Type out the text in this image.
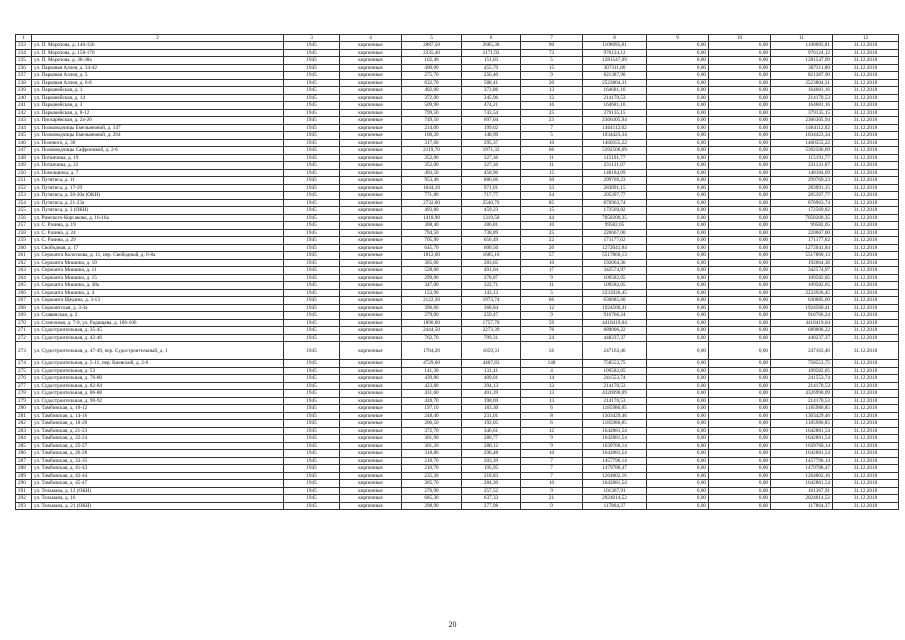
1	2	3	4	5	6	7	8	9	10	11	12
233	ул. П. Морозова, д. 146-156	1945	кирпичные	2887,50	2685,38	90	1108095,81	0,00	0,00	1108095,81	31.12.2018
234	ул. П. Морозова, д. 158-170	1945	кирпичные	2335,40	2171,92	73	976124,12	0,00	0,00	976124,12	31.12.2018
235	ул. П. Морозова, д. 38-38а	1945	кирпичные	162,40	151,03	5	1281547,09	0,00	0,00	1281547,09	31.12.2018
236	ул. Парковая Аллея, д. 34-42	1945	кирпичные	490,00	455,70	15	307311,80	0,00	0,00	307311,80	31.12.2018
237	ул. Парковая Аллея, д. 5	1945	кирпичные	275,70	256,40	9	821387,90	0,00	0,00	821387,90	31.12.2018
238	ул. Парковая Аллея, д. 6-8	1945	кирпичные	632,70	588,41	20	2523804,31	0,00	0,00	2523804,31	31.12.2018
239	ул. Парковейская, д. 1	1945	кирпичные	402,00	373,86	13	164681,16	0,00	0,00	164681,16	31.12.2018
240	ул. Парковейская, д. 14	1945	кирпичные	372,00	345,96	12	214170,53	0,00	0,00	214170,53	31.12.2018
241	ул. Парковейская, д. 3	1945	кирпичные	509,90	474,21	16	164681,16	0,00	0,00	164681,16	31.12.2018
242	ул. Парковейская, д. 8-12	1945	кирпичные	799,50	743,54	25	379135,15	0,00	0,00	379135,15	31.12.2018
243	ул. Пискарёвская, д. 24-26	1945	кирпичные	749,50	697,04	23	2366305,94	0,00	0,00	2366305,94	31.12.2018
244	ул. Полководчицы Емельяновой, д. 147	1945	кирпичные	214,00	199,02	7	1464112,02	0,00	0,00	1464112,02	31.12.2018
245	ул. Полководчицы Емельяновой, д. 204	1945	кирпичные	160,20	148,99	5	1034423,34	0,00	0,00	1034423,34	31.12.2018
246	ул. Полевого, д. 36	1945	кирпичные	317,60	295,37	10	1460355,22	0,00	0,00	1460355,22	31.12.2018
247	ул. Полководчицы Сафроновой, д. 2-6	1945	кирпичные	2119,70	1971,32	66	5392506,69	0,00	0,00	5392506,69	31.12.2018
248	ул. Потанчика, д. 19	1945	кирпичные	352,00	327,36	11	115191,77	0,00	0,00	115191,77	31.12.2018
249	ул. Потанчика, д. 22	1945	кирпичные	352,00	327,36	11	231131,07	0,00	0,00	231131,07	31.12.2018
250	ул. Помощника, д. 7	1945	кирпичные	493,50	458,96	15	148184,69	0,00	0,00	148184,69	31.12.2018
251	ул. Путягиса, д. 11	1945	кирпичные	953,40	886,66	30	299769,23	0,00	0,00	299769,23	31.12.2018
252	ул. Путягиса, д. 17-19	1945	кирпичные	1044,10	971,01	33	283091,15	0,00	0,00	283091,15	31.12.2018
253	ул. Путягиса, д. 20-20а (ОКН)	1945	кирпичные	771,80	717,77	24	205397,77	0,00	0,00	205397,77	31.12.2018
254	ул. Путягиса, д. 21-23а	1945	кирпичные	2732,00	2540,76	85	876963,74	0,00	0,00	876963,74	31.12.2018
255	ул. Путягиса, д. 3 (ОКН)	1945	кирпичные	493,80	459,23	15	172569,82	0,00	0,00	172569,82	31.12.2018
256	ул. Римского-Корсакова, д. 16-16а	1945	кирпичные	1418,90	1319,58	44	7058200,35	0,00	0,00	7058200,35	31.12.2018
257	ул. С. Разина, д. 19	1945	кирпичные	308,40	286,81	10	99582,05	0,00	0,00	99582,05	31.12.2018
258	ул. С. Разина, д. 24	1945	кирпичные	794,50	738,89	25	220667,00	0,00	0,00	220667,00	31.12.2018
259	ул. С. Разина, д. 29	1945	кирпичные	705,90	656,49	22	171177,62	0,00	0,00	171177,62	31.12.2018
260	ул. Свободная, д. 17	1945	кирпичные	645,70	600,50	20	1272041,84	0,00	0,00	1272041,84	31.12.2018
261	ул. Сержанта Колоскова, д. 11, пер. Свободный, д. 6-8а	1945	кирпичные	1812,00	1685,16	57	5517860,13	0,00	0,00	5517860,13	31.12.2018
262	ул. Сержанта Мишина, д. 10	1945	кирпичные	305,00	283,65	10	192064,36	0,00	0,00	192064,36	31.12.2018
263	ул. Сержанта Мишина, д. 11	1945	кирпичные	528,00	491,04	17	342574,97	0,00	0,00	342574,97	31.12.2018
264	ул. Сержанта Мишина, д. 15	1945	кирпичные	299,00	278,07	9	109582,05	0,00	0,00	109582,05	31.12.2018
265	ул. Сержанта Мишина, д. 38а	1945	кирпичные	347,00	322,71	11	109582,05	0,00	0,00	109582,05	31.12.2018
266	ул. Сержанта Мишина, д. 4	1945	кирпичные	153,90	143,13	5	2233926,45	0,00	0,00	2233926,45	31.12.2018
267	ул. Сержанта Щедина, д. 3-13	1945	кирпичные	2122,30	1973,74	66	630085,60	0,00	0,00	630085,60	31.12.2018
268	ул. Сержантская, д. 3-3а	1945	кирпичные	396,60	368,84	12	1924560,41	0,00	0,00	1924560,41	31.12.2018
269	ул. Славянская, д. 2	1945	кирпичные	279,00	259,47	9	916766,24	0,00	0,00	916766,24	31.12.2018
270	ул. Станочная, д. 7-9, ул. Радищева, д. 106-106	1945	кирпичные	1890,00	1757,70	59	4410419,04	0,00	0,00	4410419,04	31.12.2018
271	ул. Судостроительная, д. 35-45	1945	кирпичные	2444,50	2273,39	76	689006,22	0,00	0,00	689006,22	31.12.2018
272	ул. Судостроительная, д. 42-46	1945	кирпичные	762,70	709,31	24	448237,37	0,00	0,00	448237,37	31.12.2018
273	ул. Судостроительная, д. 47-49, пер. Судостроительный, д. 1	1945	кирпичные	1784,20	1659,31	56	247163,46	0,00	0,00	247163,46	31.12.2018
274	ул. Судостроительная, д. 5-11, пер. Киевский, д. 2-6	1945	кирпичные	4729,60	4407,83	148	758553,75	0,00	0,00	758553,75	31.12.2018
275	ул. Судостроительная, д. 53	1945	кирпичные	141,30	131,41	4	109582,05	0,00	0,00	109582,05	31.12.2018
276	ул. Судостроительная, д. 76-80	1945	кирпичные	439,80	409,01	14	241553,74	0,00	0,00	241553,74	31.12.2018
277	ул. Судостроительная, д. 82-84	1945	кирпичные	423,80	394,13	13	214170,53	0,00	0,00	214170,53	31.12.2018
278	ул. Судостроительная, д. 86-88	1945	кирпичные	431,60	401,39	13	4326990,09	0,00	0,00	4326990,09	31.12.2018
279	ул. Судостроительная, д. 90-92	1945	кирпичные	428,70	398,69	13	214170,53	0,00	0,00	214170,53	31.12.2018
280	ул. Тамбовская, д. 10-12	1945	кирпичные	197,10	183,30	6	1185986,85	0,00	0,00	1185986,85	31.12.2018
281	ул. Тамбовская, д. 14-16	1945	кирпичные	248,40	231,01	8	1303429,46	0,00	0,00	1303429,46	31.12.2018
282	ул. Тамбовская, д. 18-20	1945	кирпичные	206,50	192,05	6	1185986,85	0,00	0,00	1185986,85	31.12.2018
283	ул. Тамбовская, д. 21-23	1945	кирпичные	372,70	346,61	12	1642881,54	0,00	0,00	1642881,54	31.12.2018
284	ул. Тамбовская, д. 22-24	1945	кирпичные	301,90	280,77	9	1642881,54	0,00	0,00	1642881,54	31.12.2018
285	ул. Тамбовская, д. 25-27	1945	кирпичные	301,20	280,12	9	1639760,14	0,00	0,00	1639760,14	31.12.2018
286	ул. Тамбовская, д. 26-28	1945	кирпичные	318,80	296,48	10	1642881,54	0,00	0,00	1642881,54	31.12.2018
287	ул. Тамбовская, д. 33-35	1945	кирпичные	218,70	203,39	7	1457796,14	0,00	0,00	1457796,14	31.12.2018
288	ул. Тамбовская, д. 41-43	1945	кирпичные	210,70	195,95	7	1479788,47	0,00	0,00	1479788,47	31.12.2018
289	ул. Тамбовская, д. 42-44	1945	кирпичные	235,30	218,83	7	1264802,16	0,00	0,00	1264802,16	31.12.2018
290	ул. Тамбовская, д. 45-47	1945	кирпичные	305,70	284,30	10	1642881,54	0,00	0,00	1642881,54	31.12.2018
291	ул. Тельмана, д. 12 (ОКН)	1945	кирпичные	276,90	257,52	9	101367,91	0,00	0,00	101367,91	31.12.2018
292	ул. Тельмана, д. 16	1945	кирпичные	685,30	637,33	21	2024014,52	0,00	0,00	2024014,52	31.12.2018
293	ул. Тельмана, д. 21 (ОКН)	1945	кирпичные	298,90	277,98	9	117864,37	0,00	0,00	117864,37	31.12.2018
20
